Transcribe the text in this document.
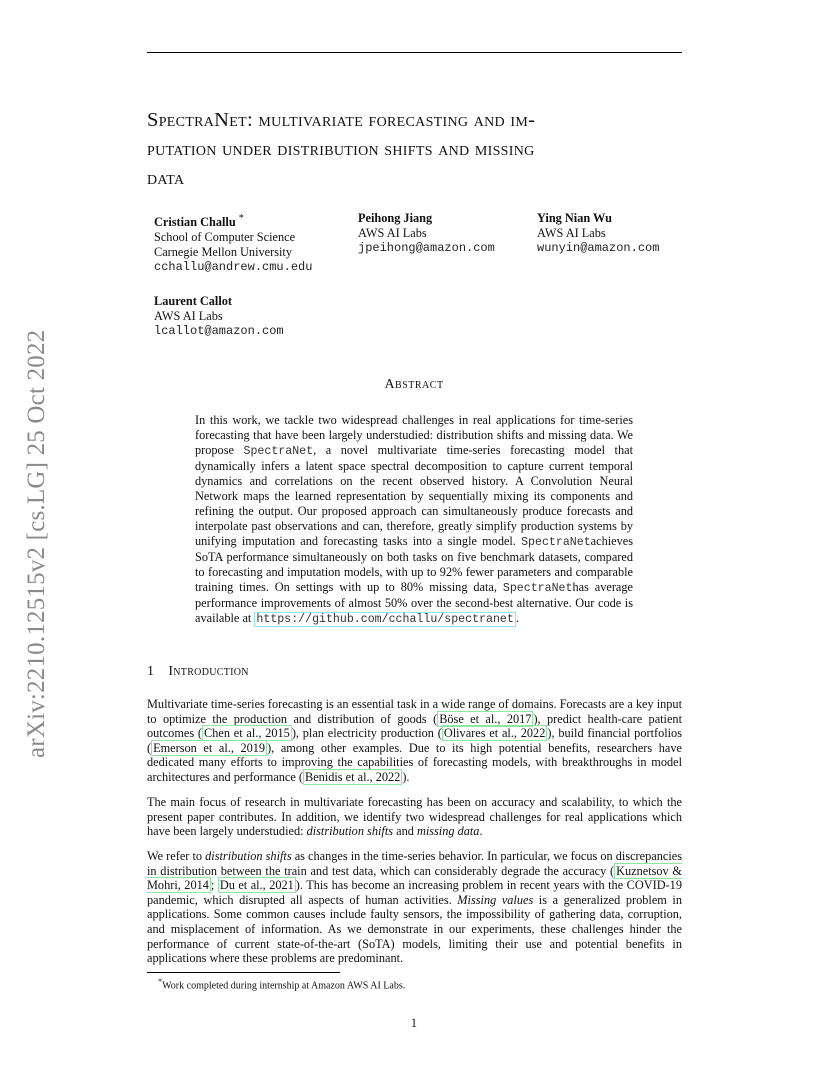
SpectraNet: multivariate forecasting and im-
putation under distribution shifts and missing
data
Cristian Challu *
School of Computer Science
Carnegie Mellon University
cchallu@andrew.cmu.edu
Peihong Jiang
AWS AI Labs
jpeihong@amazon.com
Ying Nian Wu
AWS AI Labs
wunyin@amazon.com
Laurent Callot
AWS AI Labs
lcallot@amazon.com
Abstract
In this work, we tackle two widespread challenges in real applications for time-series forecasting that have been largely understudied: distribution shifts and missing data. We propose SpectraNet, a novel multivariate time-series forecasting model that dynamically infers a latent space spectral decomposition to capture current temporal dynamics and correlations on the recent observed history. A Convolution Neural Network maps the learned representation by sequentially mixing its components and refining the output. Our proposed approach can simultaneously produce forecasts and interpolate past observations and can, therefore, greatly simplify production systems by unifying imputation and forecasting tasks into a single model. SpectraNetachieves SoTA performance simultaneously on both tasks on five benchmark datasets, compared to forecasting and imputation models, with up to 92% fewer parameters and comparable training times. On settings with up to 80% missing data, SpectraNethas average performance improvements of almost 50% over the second-best alternative. Our code is available at https://github.com/cchallu/spectranet .
1 Introduction
Multivariate time-series forecasting is an essential task in a wide range of domains. Forecasts are a key input to optimize the production and distribution of goods ( Böse et al., 2017 ), predict health-care patient outcomes ( Chen et al., 2015 ), plan electricity production ( Olivares et al., 2022 ), build financial portfolios ( Emerson et al., 2019 ), among other examples. Due to its high potential benefits, researchers have dedicated many efforts to improving the capabilities of forecasting models, with breakthroughs in model architectures and performance ( Benidis et al., 2022 ).
The main focus of research in multivariate forecasting has been on accuracy and scalability, to which the present paper contributes. In addition, we identify two widespread challenges for real applications which have been largely understudied: distribution shifts and missing data.
We refer to distribution shifts as changes in the time-series behavior. In particular, we focus on discrepancies in distribution between the train and test data, which can considerably degrade the accuracy ( Kuznetsov & Mohri, 2014 ; Du et al., 2021 ). This has become an increasing problem in recent years with the COVID-19 pandemic, which disrupted all aspects of human activities. Missing values is a generalized problem in applications. Some common causes include faulty sensors, the impossibility of gathering data, corruption, and misplacement of information. As we demonstrate in our experiments, these challenges hinder the performance of current state-of-the-art (SoTA) models, limiting their use and potential benefits in applications where these problems are predominant.
*Work completed during internship at Amazon AWS AI Labs.
1
arXiv:2210.12515v2 [cs.LG] 25 Oct 2022
